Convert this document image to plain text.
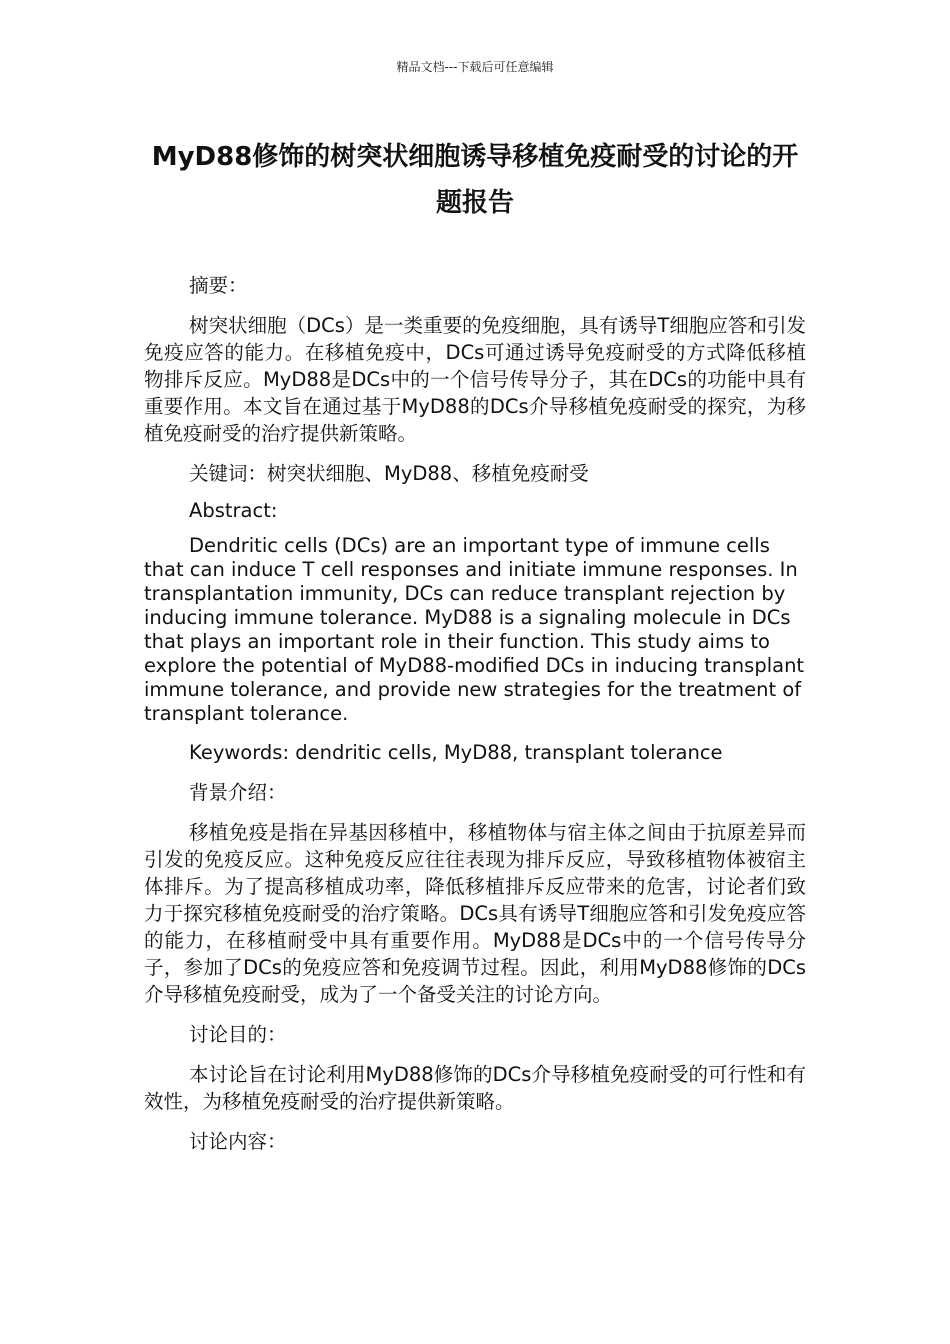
精品文档---下载后可任意编辑
MyD88修饰的树突状细胞诱导移植免疫耐受的讨论的开题报告

摘要：

树突状细胞（DCs）是一类重要的免疫细胞，具有诱导T细胞应答和引发免疫应答的能力。在移植免疫中，DCs可通过诱导免疫耐受的方式降低移植物排斥反应。MyD88是DCs中的一个信号传导分子，其在DCs的功能中具有重要作用。本文旨在通过基于MyD88的DCs介导移植免疫耐受的探究，为移植免疫耐受的治疗提供新策略。

关键词：树突状细胞、MyD88、移植免疫耐受

Abstract:

Dendritic cells (DCs) are an important type of immune cells that can induce T cell responses and initiate immune responses. In transplantation immunity, DCs can reduce transplant rejection by inducing immune tolerance. MyD88 is a signaling molecule in DCs that plays an important role in their function. This study aims to explore the potential of MyD88-modified DCs in inducing transplant immune tolerance, and provide new strategies for the treatment of transplant tolerance.

Keywords: dendritic cells, MyD88, transplant tolerance

背景介绍：

移植免疫是指在异基因移植中，移植物体与宿主体之间由于抗原差异而引发的免疫反应。这种免疫反应往往表现为排斥反应，导致移植物体被宿主体排斥。为了提高移植成功率，降低移植排斥反应带来的危害，讨论者们致力于探究移植免疫耐受的治疗策略。DCs具有诱导T细胞应答和引发免疫应答的能力，在移植耐受中具有重要作用。MyD88是DCs中的一个信号传导分子，参加了DCs的免疫应答和免疫调节过程。因此，利用MyD88修饰的DCs介导移植免疫耐受，成为了一个备受关注的讨论方向。

讨论目的：

本讨论旨在讨论利用MyD88修饰的DCs介导移植免疫耐受的可行性和有效性，为移植免疫耐受的治疗提供新策略。

讨论内容：
